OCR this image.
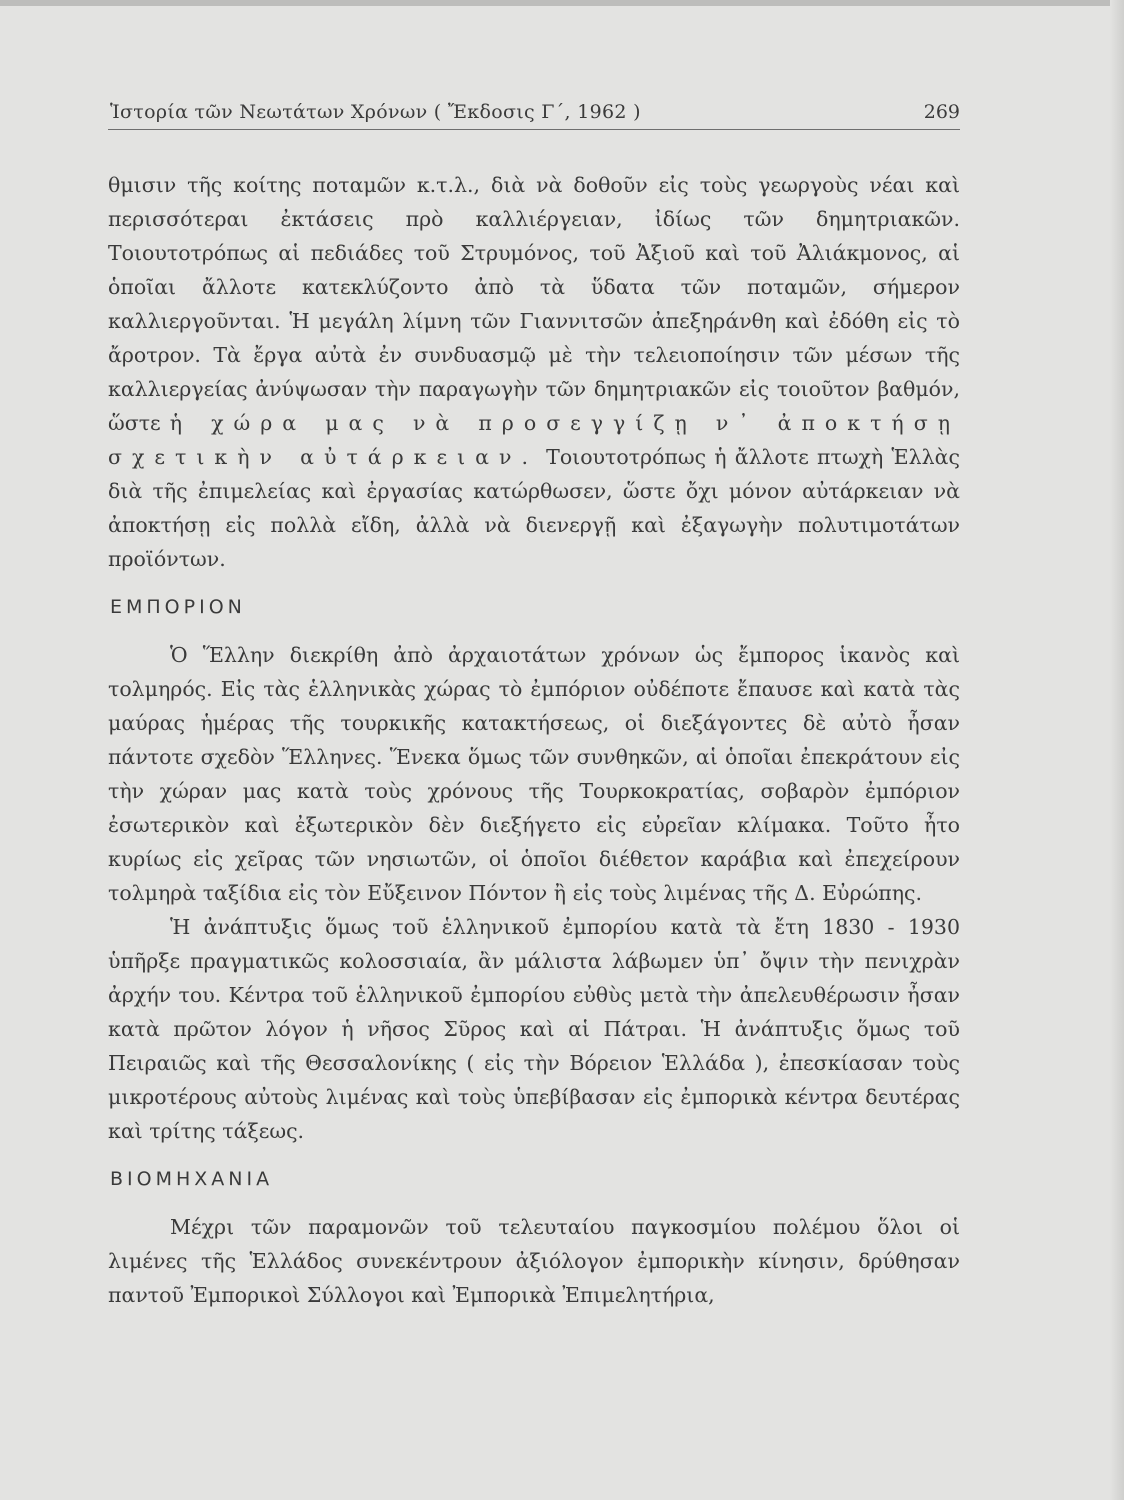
Ἱστορία τῶν Νεωτάτων Χρόνων ( Ἔκδοσις Γ΄, 1962 )	269

θμισιν τῆς κοίτης ποταμῶν κ.τ.λ., διὰ νὰ δοθοῦν εἰς τοὺς γεωργοὺς νέαι καὶ περισσότεραι ἐκτάσεις πρὸ καλλιέργειαν, ἰδίως τῶν δημητριακῶν. Τοιουτοτρόπως αἱ πεδιάδες τοῦ Στρυμόνος, τοῦ Ἀξιοῦ καὶ τοῦ Ἀλιάκμονος, αἱ ὁποῖαι ἄλλοτε κατεκλύζοντο ἀπὸ τὰ ὕδατα τῶν ποταμῶν, σήμερον καλλιεργοῦνται. Ἡ μεγάλη λίμνη τῶν Γιαννιτσῶν ἀπεξηράνθη καὶ ἐδόθη εἰς τὸ ἄροτρον. Τὰ ἔργα αὐτὰ ἐν συνδυασμῷ μὲ τὴν τελειοποίησιν τῶν μέσων τῆς καλλιεργείας ἀνύψωσαν τὴν παραγωγὴν τῶν δημητριακῶν εἰς τοιοῦτον βαθμόν, ὥστε ἡ χώρα μας νὰ προσεγγίζῃ ν᾽ ἀποκτήσῃ σχετικὴν αὐτάρκειαν. Τοιουτοτρόπως ἡ ἄλλοτε πτωχὴ Ἑλλὰς διὰ τῆς ἐπιμελείας καὶ ἐργασίας κατώρθωσεν, ὥστε ὄχι μόνον αὐτάρκειαν νὰ ἀποκτήσῃ εἰς πολλὰ εἴδη, ἀλλὰ νὰ διενεργῇ καὶ ἐξαγωγὴν πολυτιμοτάτων προϊόντων.

ΕΜΠΟΡΙΟΝ

Ὁ Ἕλλην διεκρίθη ἀπὸ ἀρχαιοτάτων χρόνων ὡς ἔμπορος ἱκανὸς καὶ τολμηρός. Εἰς τὰς ἑλληνικὰς χώρας τὸ ἐμπόριον οὐδέποτε ἔπαυσε καὶ κατὰ τὰς μαύρας ἡμέρας τῆς τουρκικῆς κατακτήσεως, οἱ διεξάγοντες δὲ αὐτὸ ἦσαν πάντοτε σχεδὸν Ἕλληνες. Ἕνεκα ὅμως τῶν συνθηκῶν, αἱ ὁποῖαι ἐπεκράτουν εἰς τὴν χώραν μας κατὰ τοὺς χρόνους τῆς Τουρκοκρατίας, σοβαρὸν ἐμπόριον ἐσωτερικὸν καὶ ἐξωτερικὸν δὲν διεξήγετο εἰς εὐρεῖαν κλίμακα. Τοῦτο ἦτο κυρίως εἰς χεῖρας τῶν νησιωτῶν, οἱ ὁποῖοι διέθετον καράβια καὶ ἐπεχείρουν τολμηρὰ ταξίδια εἰς τὸν Εὔξεινον Πόντον ἢ εἰς τοὺς λιμένας τῆς Δ. Εὐρώπης.

Ἡ ἀνάπτυξις ὅμως τοῦ ἑλληνικοῦ ἐμπορίου κατὰ τὰ ἔτη 1830 - 1930 ὑπῆρξε πραγματικῶς κολοσσιαία, ἂν μάλιστα λάβωμεν ὑπ᾽ ὄψιν τὴν πενιχρὰν ἀρχήν του. Κέντρα τοῦ ἑλληνικοῦ ἐμπορίου εὐθὺς μετὰ τὴν ἀπελευθέρωσιν ἦσαν κατὰ πρῶτον λόγον ἡ νῆσος Σῦρος καὶ αἱ Πάτραι. Ἡ ἀνάπτυξις ὅμως τοῦ Πειραιῶς καὶ τῆς Θεσσαλονίκης ( εἰς τὴν Βόρειον Ἑλλάδα ), ἐπεσκίασαν τοὺς μικροτέρους αὐτοὺς λιμένας καὶ τοὺς ὑπεβίβασαν εἰς ἐμπορικὰ κέντρα δευτέρας καὶ τρίτης τάξεως.

ΒΙΟΜΗΧΑΝΙΑ

Μέχρι τῶν παραμονῶν τοῦ τελευταίου παγκοσμίου πολέμου ὅλοι οἱ λιμένες τῆς Ἑλλάδος συνεκέντρουν ἀξιόλογον ἐμπορικὴν κίνησιν, δρύθησαν παντοῦ Ἐμπορικοὶ Σύλλογοι καὶ Ἐμπορικὰ Ἐπιμελητήρια,
